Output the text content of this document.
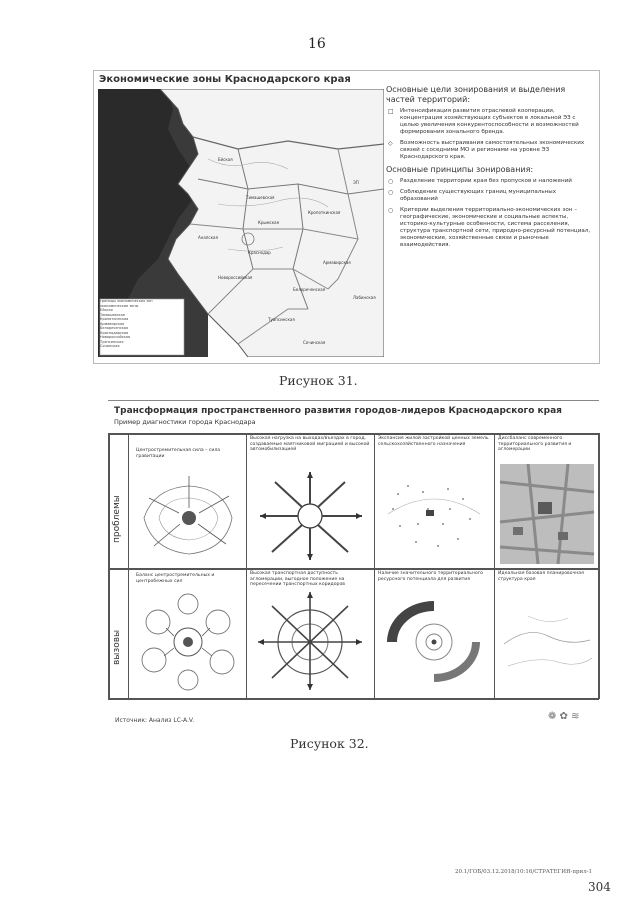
16
Экономические зоны Краснодарского края
Ейская
Тимашевская
Кропоткинская
Армавирская
Белореченская
Краснодар
Новороссийская
Туапсинская
Сочинская
Анапская
Крымская
Лабинская
ЭП
границы экономических зон
экономические зоны
Ейская
Тимашевская
Кропоткинская
Армавирская
Белореченская
Краснодарская
Новороссийская
Туапсинская
Сочинская
Основные цели зонирования и выделения частей территорий:
□ Интенсификация развития отраслевой кооперации, концентрация хозяйствующих субъектов в локальной ЭЗ с целью увеличения конкурентоспособности и возможностей формирования зонального бренда.
◇ Возможность выстраивания самостоятельных экономических связей с соседними МО и регионами на уровне ЭЗ Краснодарского края.
Основные принципы зонирования:
○ Разделение территории края без пропусков и наложений
○ Соблюдение существующих границ муниципальных образований
○ Критерии выделения территориально-экономических зон – географические, экономические и социальные аспекты, историко-культурные особенности, система расселения, структура транспортной сети, природно-ресурсный потенциал, экономические, хозяйственные связи и рыночные взаимодействия.
Рисунок 31.
Трансформация пространственного развития городов-лидеров Краснодарского края
Пример диагностики города Краснодара
проблемы
вызовы
Центростремительная сила – сила гравитации
Высокая нагрузка на выходах/въездах в город, создаваемые маятниковой миграцией и высокой автомобилизацией
Экспансия жилой застройкой ценных земель сельскохозяйственного назначения
Диссбаланс современного территориального развития и агломерации
Баланс центростремительных и центробежных сил
Высокая транспортная доступность агломерации, выгодное положение на пересечении транспортных коридоров
Наличие значительного территориального ресурсного потенциала для развития
Идеальная базовая планировочная структура края
Источник: Анализ LC-A.V.	❁ ✿ ≋
Рисунок 32.
20.1/ГОБ/03.12.2018/10:16/СТРАТЕГИЯ-прил-1
304
